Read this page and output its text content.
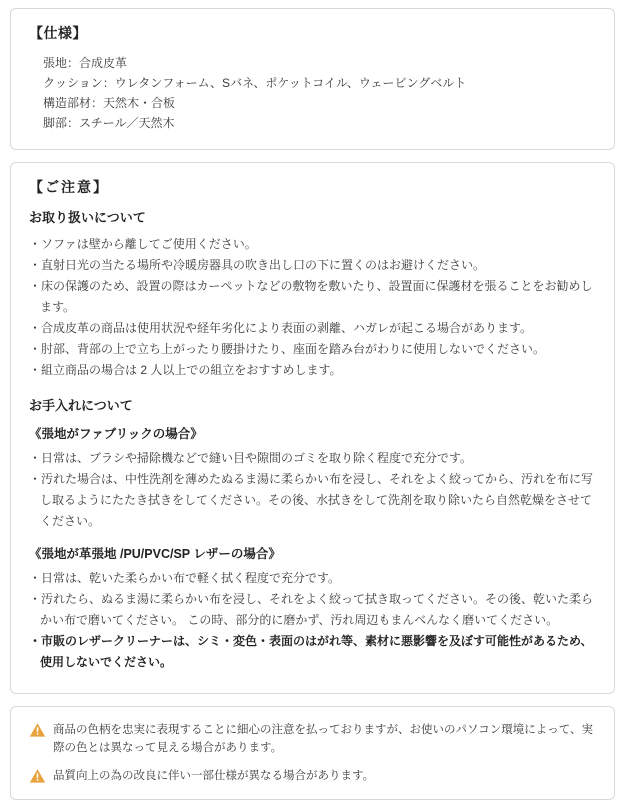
【仕様】
張地：合成皮革
クッション：ウレタンフォーム、Sバネ、ポケットコイル、ウェービングベルト
構造部材：天然木・合板
脚部：スチール／天然木
【ご注意】
お取り扱いについて
・ソファは壁から離してご使用ください。
・直射日光の当たる場所や冷暖房器具の吹き出し口の下に置くのはお避けください。
・床の保護のため、設置の際はカーペットなどの敷物を敷いたり、設置面に保護材を張ることをお勧めします。
・合成皮革の商品は使用状況や経年劣化により表面の剥離、ハガレが起こる場合があります。
・肘部、背部の上で立ち上がったり腰掛けたり、座面を踏み台がわりに使用しないでください。
・組立商品の場合は 2 人以上での組立をおすすめします。
お手入れについて
《張地がファブリックの場合》
・日常は、ブラシや掃除機などで縫い目や隙間のゴミを取り除く程度で充分です。
・汚れた場合は、中性洗剤を薄めたぬるま湯に柔らかい布を浸し、それをよく絞ってから、汚れを布に写し取るようにたたき拭きをしてください。その後、水拭きをして洗剤を取り除いたら自然乾燥をさせてください。
《張地が革張地 /PU/PVC/SP レザーの場合》
・日常は、乾いた柔らかい布で軽く拭く程度で充分です。
・汚れたら、ぬるま湯に柔らかい布を浸し、それをよく絞って拭き取ってください。その後、乾いた柔らかい布で磨いてください。 この時、部分的に磨かず、汚れ周辺もまんべんなく磨いてください。
・市販のレザークリーナーは、シミ・変色・表面のはがれ等、素材に悪影響を及ぼす可能性があるため、使用しないでください。
商品の色柄を忠実に表現することに細心の注意を払っておりますが、お使いのパソコン環境によって、実際の色とは異なって見える場合があります。
品質向上の為の改良に伴い一部仕様が異なる場合があります。
